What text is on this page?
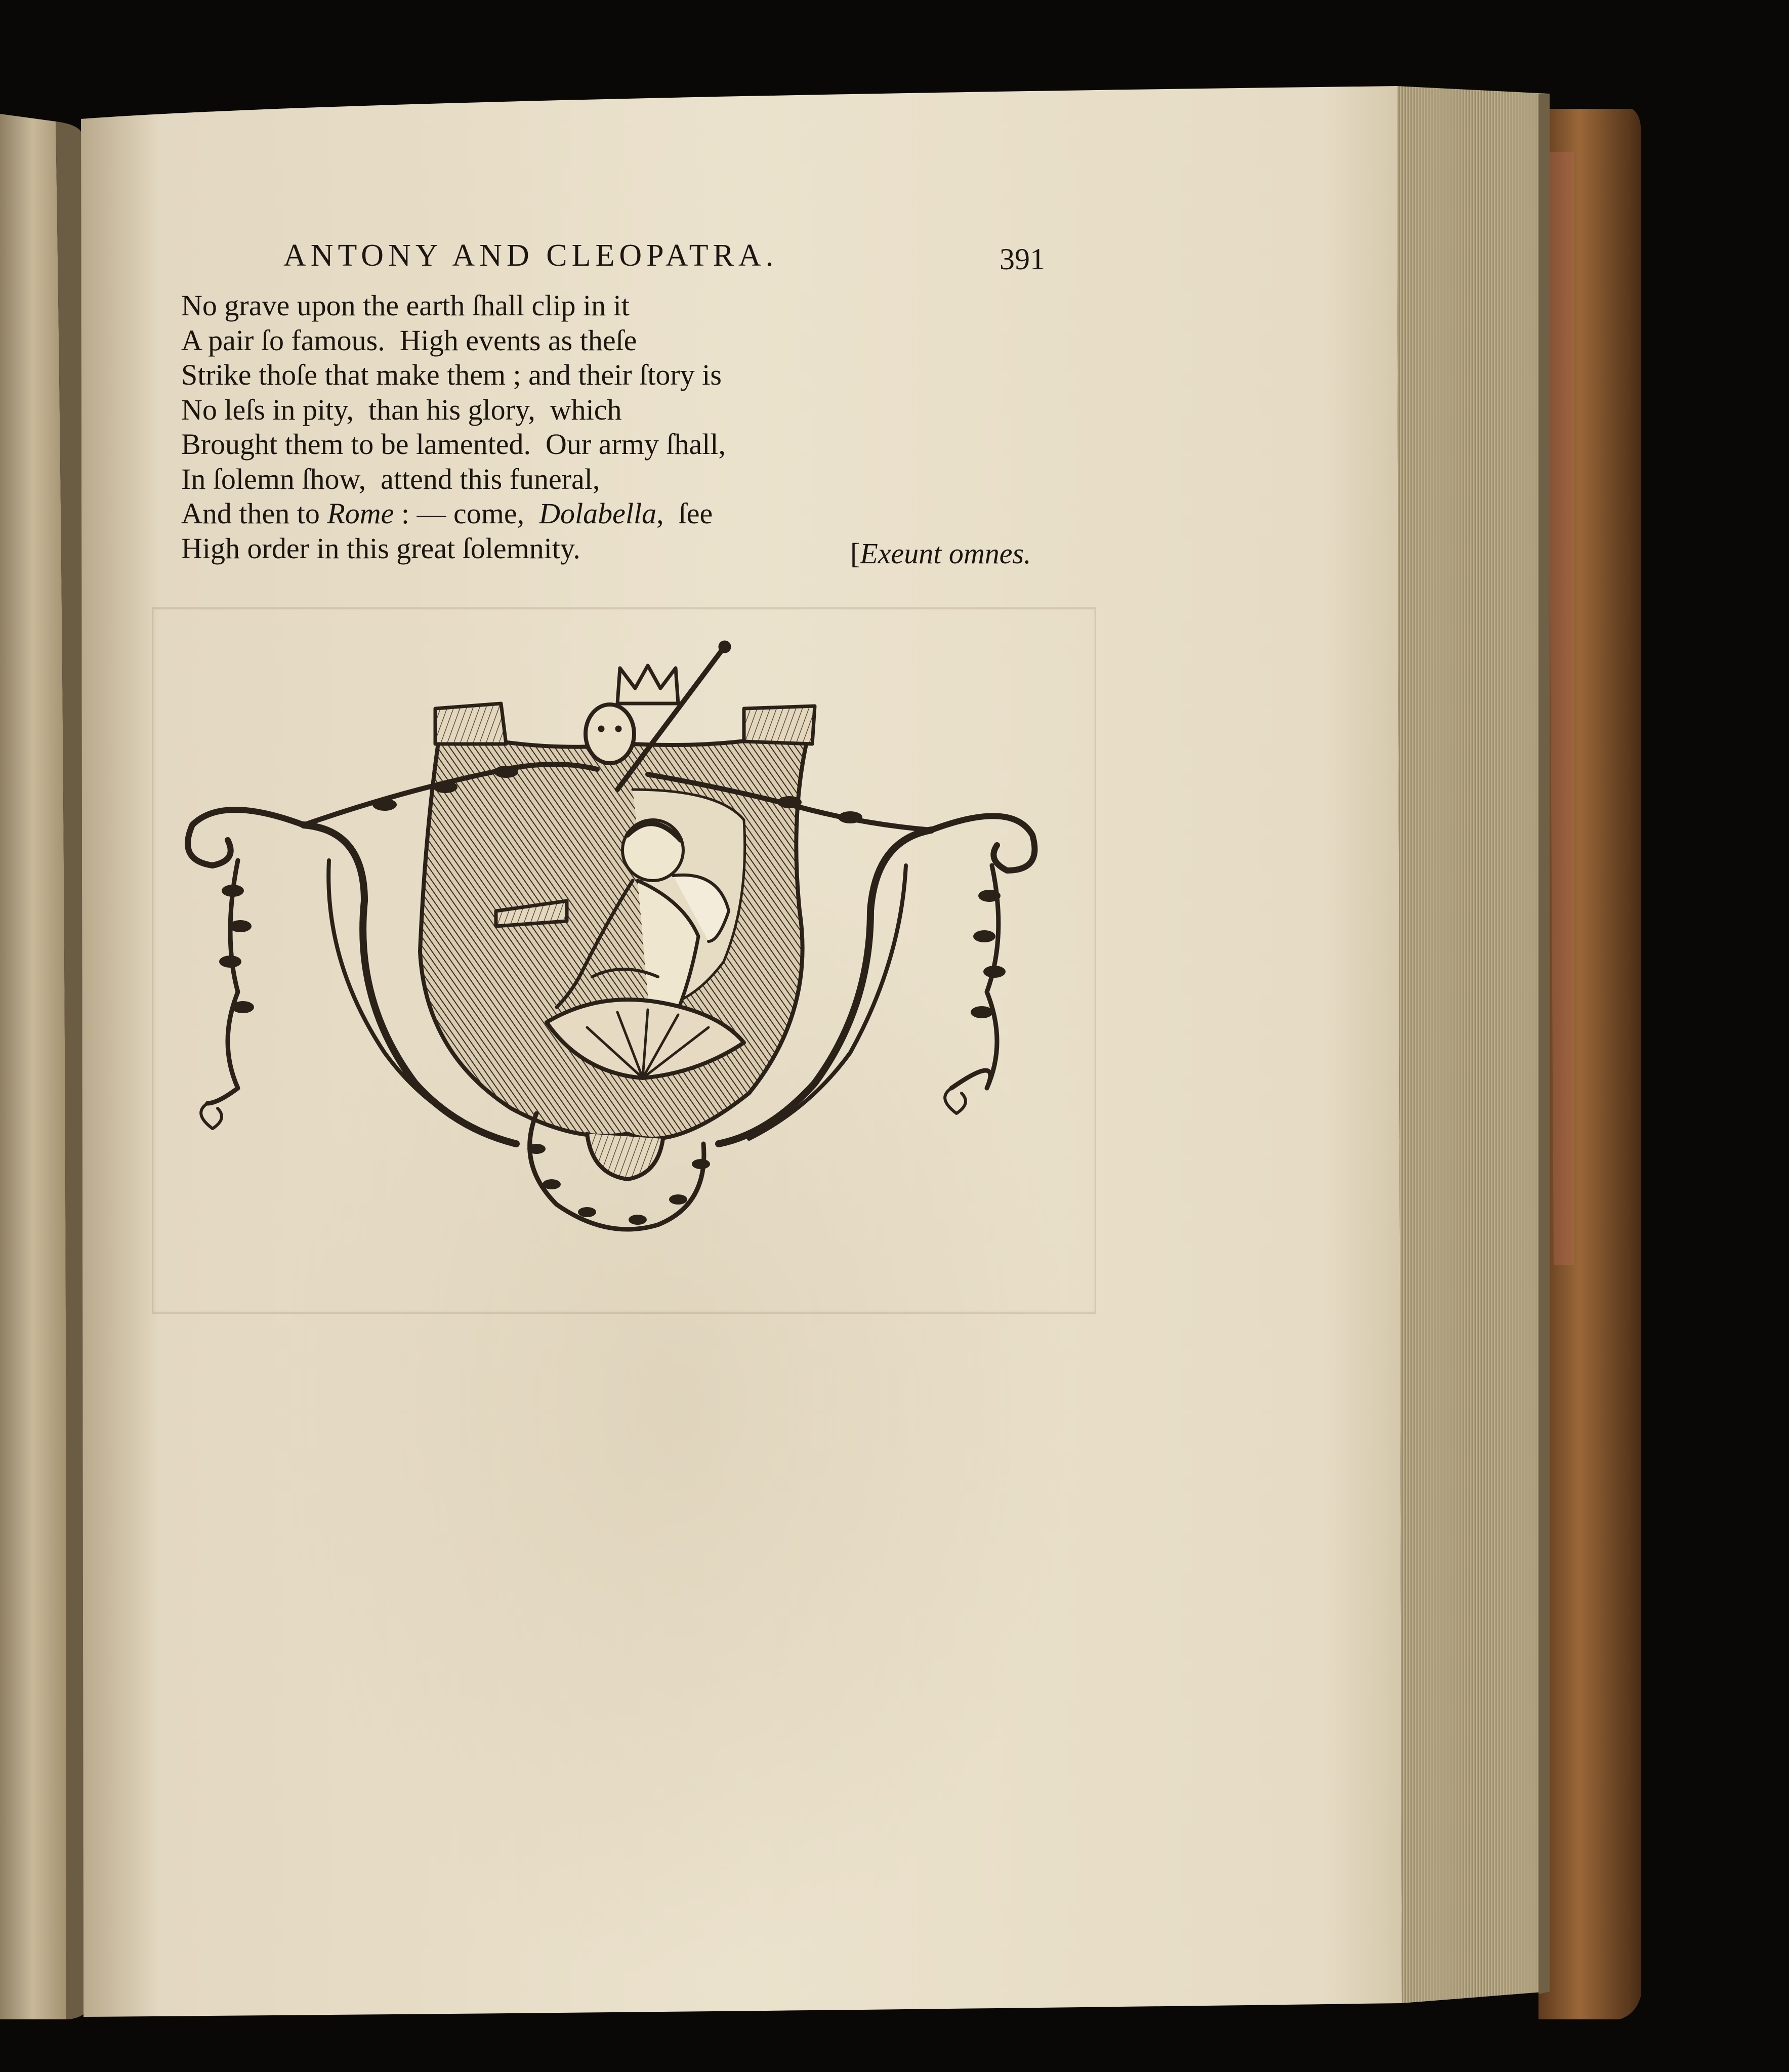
ANTONY AND CLEOPATRA.	391
No grave upon the earth ſhall clip in it
A pair ſo famous.  High events as theſe
Strike thoſe that make them ; and their ſtory is
No leſs in pity,  than his glory,  which
Brought them to be lamented.  Our army ſhall,
In ſolemn ſhow,  attend this funeral,
And then to Rome : — come,  Dolabella,  ſee
High order in this great ſolemnity.	[Exeunt omnes.
